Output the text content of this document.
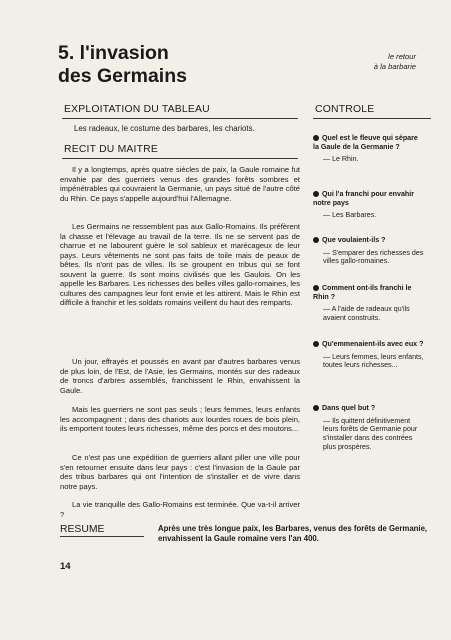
5. l'invasion
des Germains
le retour
à la barbarie
EXPLOITATION DU TABLEAU
Les radeaux, le costume des barbares, les chariots.
RECIT DU MAITRE
Il y a longtemps, après quatre siècles de paix, la Gaule romaine fut envahie par des guerriers venus des grandes forêts sombres et impénétrables qui couvraient la Germanie, un pays situé de l'autre côté du Rhin. Ce pays s'appelle aujourd'hui l'Allemagne.
Les Germains ne ressemblent pas aux Gallo-Romains. Ils préfèrent la chasse et l'élevage au travail de la terre. Ils ne se servent pas de charrue et ne labourent guère le sol sableux et marécageux de leur pays. Leurs vêtements ne sont pas faits de toile mais de peaux de bêtes. Ils n'ont pas de villes. Ils se groupent en tribus qui se font souvent la guerre. Ils sont moins civilisés que les Gaulois. On les appelle les Barbares. Les richesses des belles villes gallo-romaines, les cultures des campagnes leur font envie et les attirent. Mais le Rhin est difficile à franchir et les soldats romains veillent du haut des remparts.
Un jour, effrayés et poussés en avant par d'autres barbares venus de plus loin, de l'Est, de l'Asie, les Germains, montés sur des radeaux de troncs d'arbres assemblés, franchissent le Rhin, envahissent la Gaule.
Mais les guerriers ne sont pas seuls ; leurs femmes, leurs enfants les accompagnent ; dans des chariots aux lourdes roues de bois plein, ils emportent toutes leurs richesses, même des porcs et des moutons...
Ce n'est pas une expédition de guerriers allant piller une ville pour s'en retourner ensuite dans leur pays : c'est l'invasion de la Gaule par des tribus barbares qui ont l'intention de s'installer et de vivre dans notre pays.
La vie tranquille des Gallo-Romains est terminée. Que va-t-il arriver ?
CONTROLE
Quel est le fleuve qui sépare la Gaule de la Germanie ?
— Le Rhin.
Qui l'a franchi pour envahir notre pays
— Les Barbares.
Que voulaient-ils ?
— S'emparer des richesses des villes gallo-romaines.
Comment ont-ils franchi le Rhin ?
— A l'aide de radeaux qu'ils avaient construits.
Qu'emmenaient-ils avec eux ?
— Leurs femmes, leurs enfants, toutes leurs richesses...
Dans quel but ?
— Ils quittent définitivement leurs forêts de Germanie pour s'installer dans des contrées plus prospères.
RESUME	Après une très longue paix, les Barbares, venus des forêts de Germanie, envahissent la Gaule romaine vers l'an 400.
14
